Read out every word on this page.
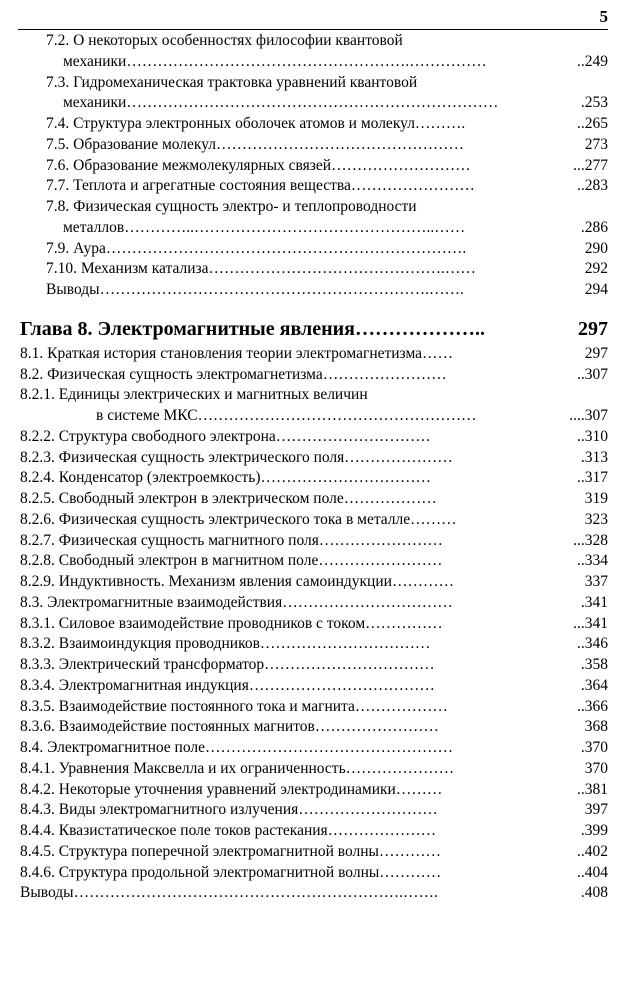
5
7.2. О некоторых особенностях философии квантовой
механики……………………………………………….……………	..249
7.3. Гидромеханическая трактовка уравнений квантовой
механики………………………………………………………………	.253
7.4. Структура электронных оболочек атомов и молекул……….	..265
7.5. Образование молекул…………………………………………	273
7.6. Образование межмолекулярных связей………………………	...277
7.7. Теплота и агрегатные состояния вещества……………………	..283
7.8. Физическая сущность электро- и теплопроводности
металлов…………..………………………………………..……	.286
7.9. Аура…………………………………………………………….	290
7.10. Механизм катализа……………………………………….……	292
Выводы……………………………………………………….…….	294
Глава 8. Электромагнитные явления………………..	297
8.1. Краткая история становления теории электромагнетизма……	297
8.2. Физическая сущность электромагнетизма……………………	..307
8.2.1. Единицы электрических и магнитных величин
в системе МКС………………………………………………	....307
8.2.2. Структура свободного электрона…………………………	..310
8.2.3. Физическая сущность электрического поля…………………	.313
8.2.4. Конденсатор (электроемкость)……………………………	..317
8.2.5. Свободный электрон в электрическом поле………………	319
8.2.6. Физическая сущность электрического тока в металле………	323
8.2.7. Физическая сущность магнитного поля……………………	...328
8.2.8. Свободный электрон в магнитном поле……………………	..334
8.2.9. Индуктивность. Механизм явления самоиндукции…………	337
8.3. Электромагнитные взаимодействия……………………………	.341
8.3.1. Силовое взаимодействие проводников с током……………	...341
8.3.2. Взаимоиндукция проводников……………………………	..346
8.3.3. Электрический трансформатор……………………………	.358
8.3.4. Электромагнитная индукция………………………………	.364
8.3.5. Взаимодействие постоянного тока и магнита………………	..366
8.3.6. Взаимодействие постоянных магнитов……………………	368
8.4. Электромагнитное поле…………………………………………	.370
8.4.1. Уравнения Максвелла и их ограниченность…………………	370
8.4.2. Некоторые уточнения уравнений электродинамики………	..381
8.4.3. Виды электромагнитного излучения………………………	397
8.4.4. Квазистатическое поле токов растекания…………………	.399
8.4.5. Структура поперечной электромагнитной волны…………	..402
8.4.6. Структура продольной электромагнитной волны…………	..404
Выводы……………………………………………………….…….	.408
